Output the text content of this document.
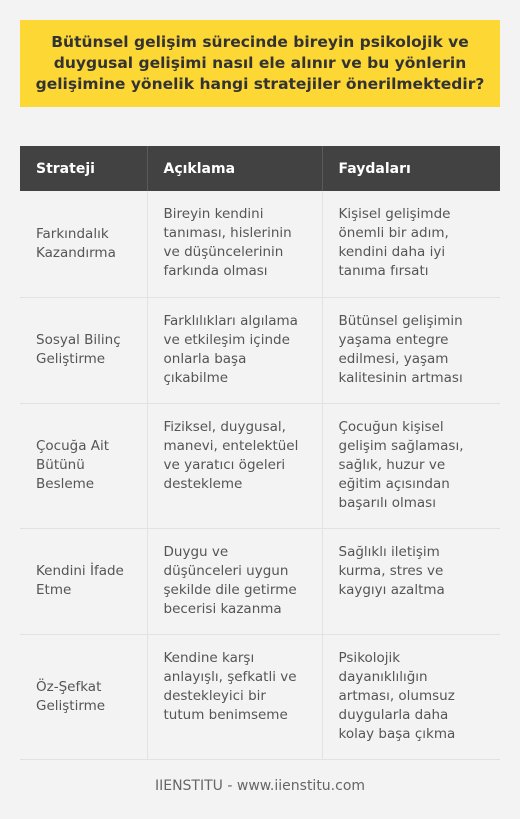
Bütünsel gelişim sürecinde bireyin psikolojik ve duygusal gelişimi nasıl ele alınır ve bu yönlerin gelişimine yönelik hangi stratejiler önerilmektedir?
Strateji	Açıklama	Faydaları
Farkındalık Kazandırma	Bireyin kendini tanıması, hislerinin ve düşüncelerinin farkında olması	Kişisel gelişimde önemli bir adım, kendini daha iyi tanıma fırsatı
Sosyal Bilinç Geliştirme	Farklılıkları algılama ve etkileşim içinde onlarla başa çıkabilme	Bütünsel gelişimin yaşama entegre edilmesi, yaşam kalitesinin artması
Çocuğa Ait Bütünü Besleme	Fiziksel, duygusal, manevi, entelektüel ve yaratıcı ögeleri destekleme	Çocuğun kişisel gelişim sağlaması, sağlık, huzur ve eğitim açısından başarılı olması
Kendini İfade Etme	Duygu ve düşünceleri uygun şekilde dile getirme becerisi kazanma	Sağlıklı iletişim kurma, stres ve kaygıyı azaltma
Öz-Şefkat Geliştirme	Kendine karşı anlayışlı, şefkatli ve destekleyici bir tutum benimseme	Psikolojik dayanıklılığın artması, olumsuz duygularla daha kolay başa çıkma
IIENSTITU - www.iienstitu.com
